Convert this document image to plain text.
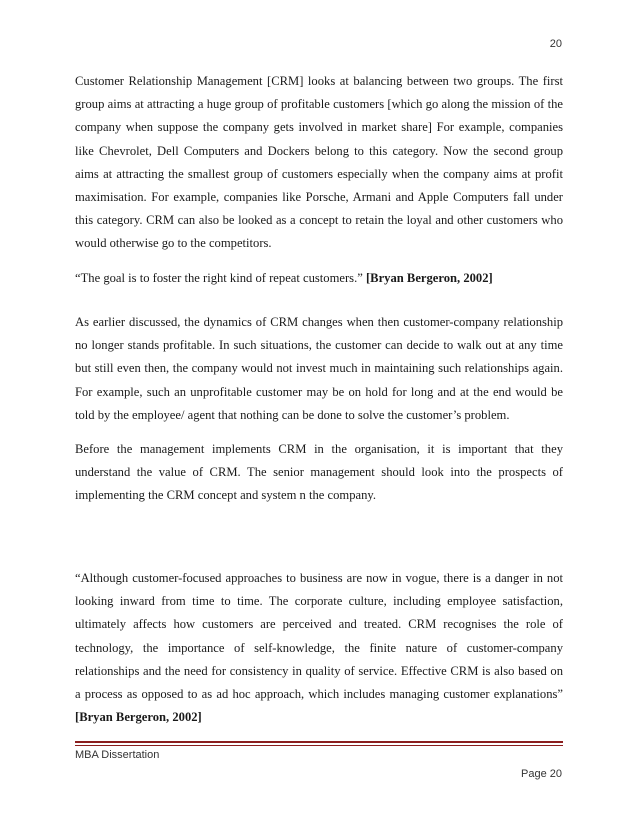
20

Customer Relationship Management [CRM] looks at balancing between two groups. The first group aims at attracting a huge group of profitable customers [which go along the mission of the company when suppose the company gets involved in market share] For example, companies like Chevrolet, Dell Computers and Dockers belong to this category. Now the second group aims at attracting the smallest group of customers especially when the company aims at profit maximisation. For example, companies like Porsche, Armani and Apple Computers fall under this category. CRM can also be looked as a concept to retain the loyal and other customers who would otherwise go to the competitors.

“The goal is to foster the right kind of repeat customers.” [Bryan Bergeron, 2002]

As earlier discussed, the dynamics of CRM changes when then customer-company relationship no longer stands profitable. In such situations, the customer can decide to walk out at any time but still even then, the company would not invest much in maintaining such relationships again. For example, such an unprofitable customer may be on hold for long and at the end would be told by the employee/ agent that nothing can be done to solve the customer’s problem.

Before the management implements CRM in the organisation, it is important that they understand the value of CRM. The senior management should look into the prospects of implementing the CRM concept and system n the company.

“Although customer-focused approaches to business are now in vogue, there is a danger in not looking inward from time to time. The corporate culture, including employee satisfaction, ultimately affects how customers are perceived and treated. CRM recognises the role of technology, the importance of self-knowledge, the finite nature of customer-company relationships and the need for consistency in quality of service. Effective CRM is also based on a process as opposed to as ad hoc approach, which includes managing customer explanations” [Bryan Bergeron, 2002]

MBA Dissertation
Page 20
